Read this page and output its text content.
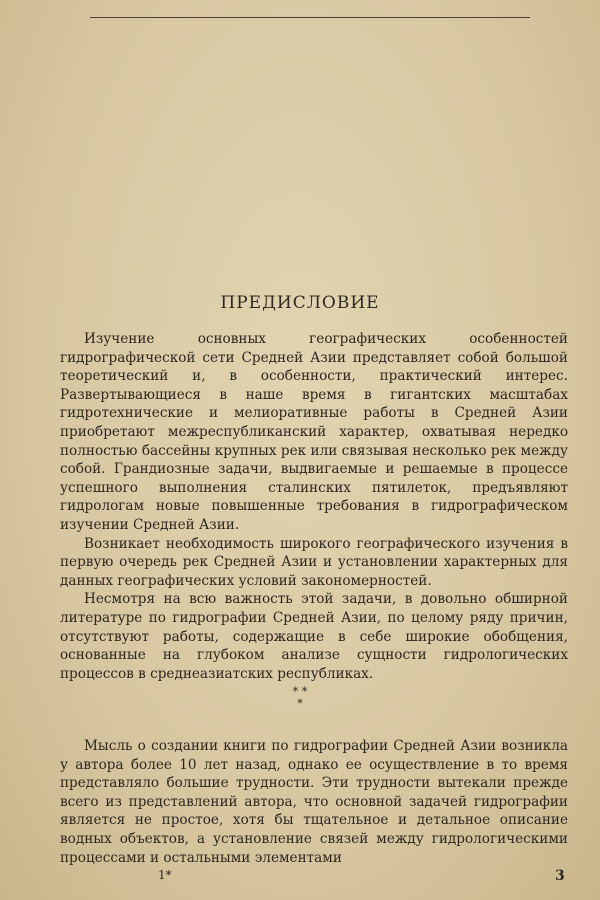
ПРЕДИСЛОВИЕ

Изучение основных географических особенностей гидрографической сети Средней Азии представляет собой большой теоретический и, в особенности, практический интерес. Развертывающиеся в наше время в гигантских масштабах гидротехнические и мелиоративные работы в Средней Азии приобретают межреспубликанский характер, охватывая нередко полностью бассейны крупных рек или связывая несколько рек между собой. Грандиозные задачи, выдвигаемые и решаемые в процессе успешного выполнения сталинских пятилеток, предъявляют гидрологам новые повышенные требования в гидрографическом изучении Средней Азии.

Возникает необходимость широкого географического изучения в первую очередь рек Средней Азии и установлении характерных для данных географических условий закономерностей.

Несмотря на всю важность этой задачи, в довольно обширной литературе по гидрографии Средней Азии, по целому ряду причин, отсутствуют работы, содержащие в себе широкие обобщения, основанные на глубоком анализе сущности гидрологических процессов в среднеазиатских республиках.

* *
*

Мысль о создании книги по гидрографии Средней Азии возникла у автора более 10 лет назад, однако ее осуществление в то время представляло большие трудности. Эти трудности вытекали прежде всего из представлений автора, что основной задачей гидрографии является не простое, хотя бы тщательное и детальное описание водных объектов, а установление связей между гидрологическими процессами и остальными элементами

1*	3
